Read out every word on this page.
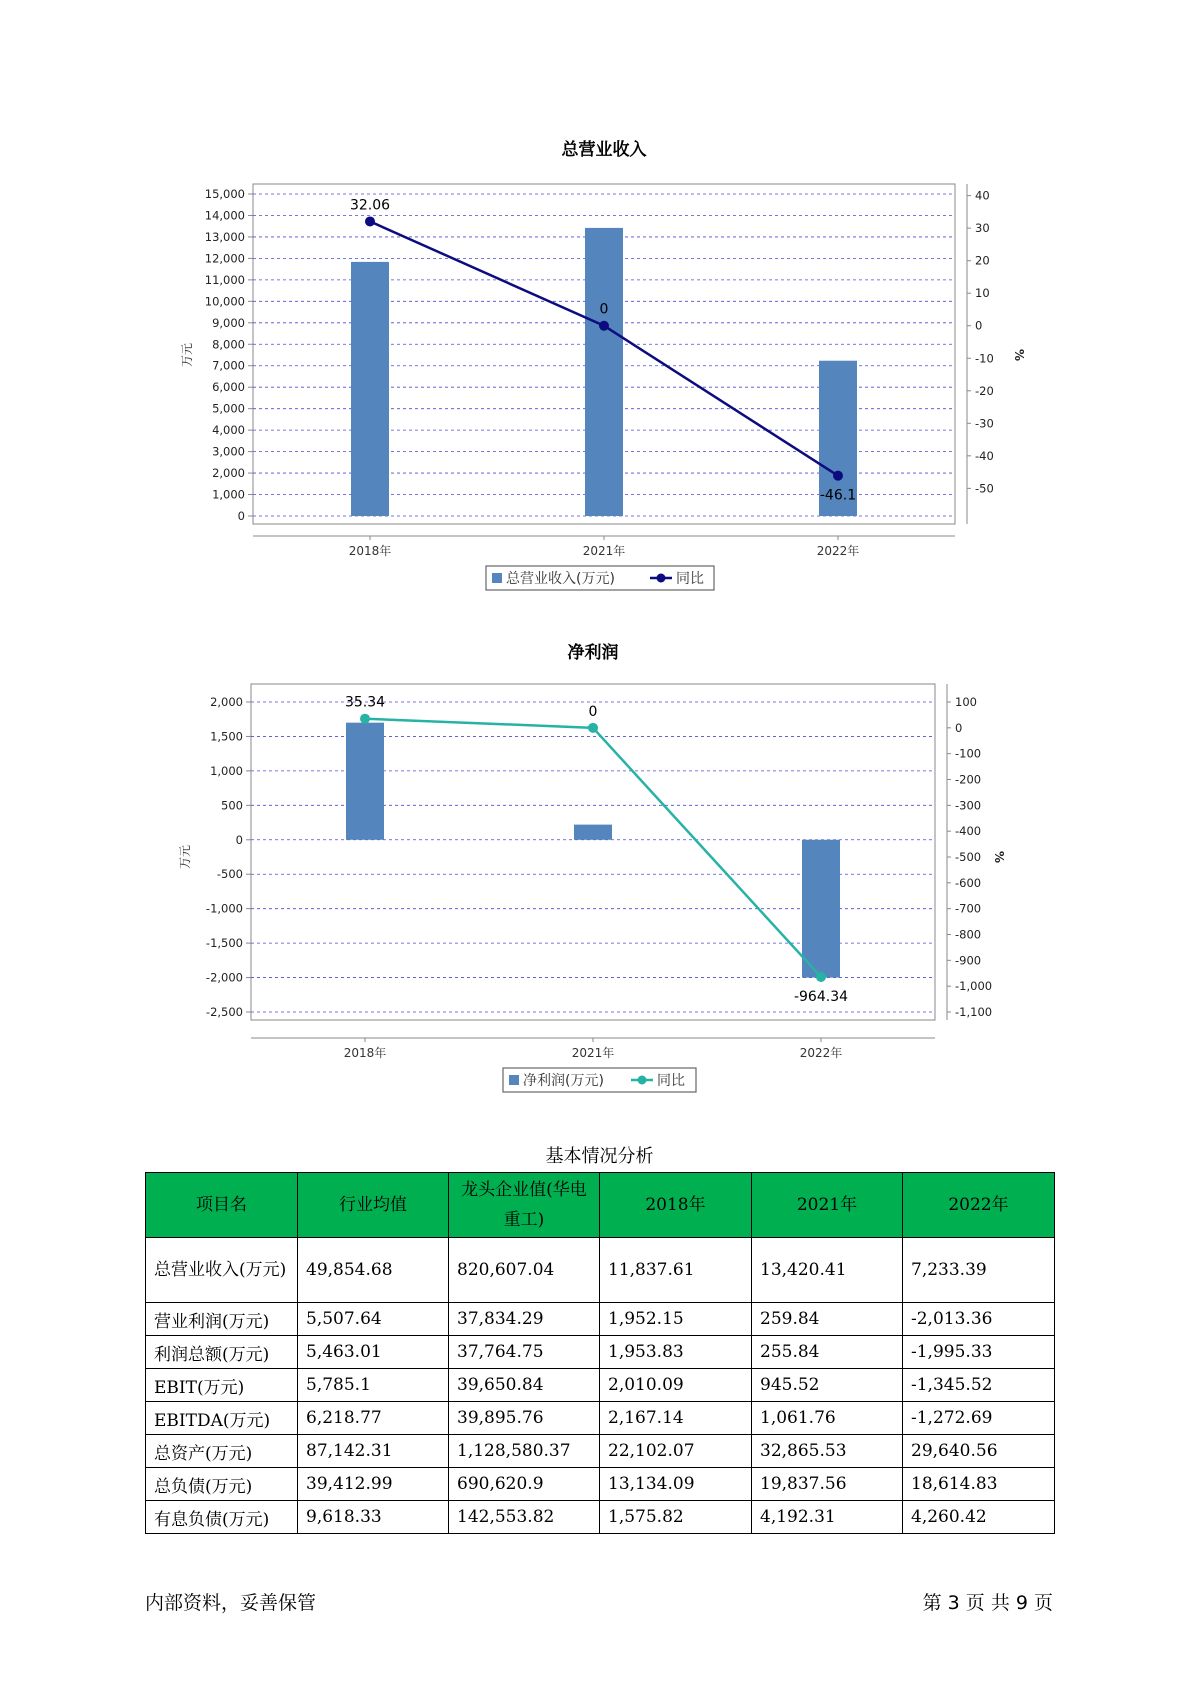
总营业收入
0
1,000
2,000
3,000
4,000
5,000
6,000
7,000
8,000
9,000
10,000
11,000
12,000
13,000
14,000
15,000	40
30
20
10
0
-10
-20
-30
-40
-50
万元	%
2018年	2021年	2022年
32.06
0
-46.1
总营业收入(万元)	同比
净利润
2,000
1,500
1,000
500
0
-500
-1,000
-1,500
-2,000
-2,500
100
0
-100
-200
-300
-400
-500
-600
-700
-800
-900
-1,000
-1,100
万元	%
2018年	2021年	2022年
35.34
0
-964.34
净利润(万元)	同比
基本情况分析
项目名	行业均值	龙头企业值(华电重工)	2018年	2021年	2022年
总营业收入(万元)	49,854.68	820,607.04	11,837.61	13,420.41	7,233.39
营业利润(万元)	5,507.64	37,834.29	1,952.15	259.84	-2,013.36
利润总额(万元)	5,463.01	37,764.75	1,953.83	255.84	-1,995.33
EBIT(万元)	5,785.1	39,650.84	2,010.09	945.52	-1,345.52
EBITDA(万元)	6,218.77	39,895.76	2,167.14	1,061.76	-1,272.69
总资产(万元)	87,142.31	1,128,580.37	22,102.07	32,865.53	29,640.56
总负债(万元)	39,412.99	690,620.9	13,134.09	19,837.56	18,614.83
有息负债(万元)	9,618.33	142,553.82	1,575.82	4,192.31	4,260.42
内部资料，妥善保管	第 3 页 共 9 页
